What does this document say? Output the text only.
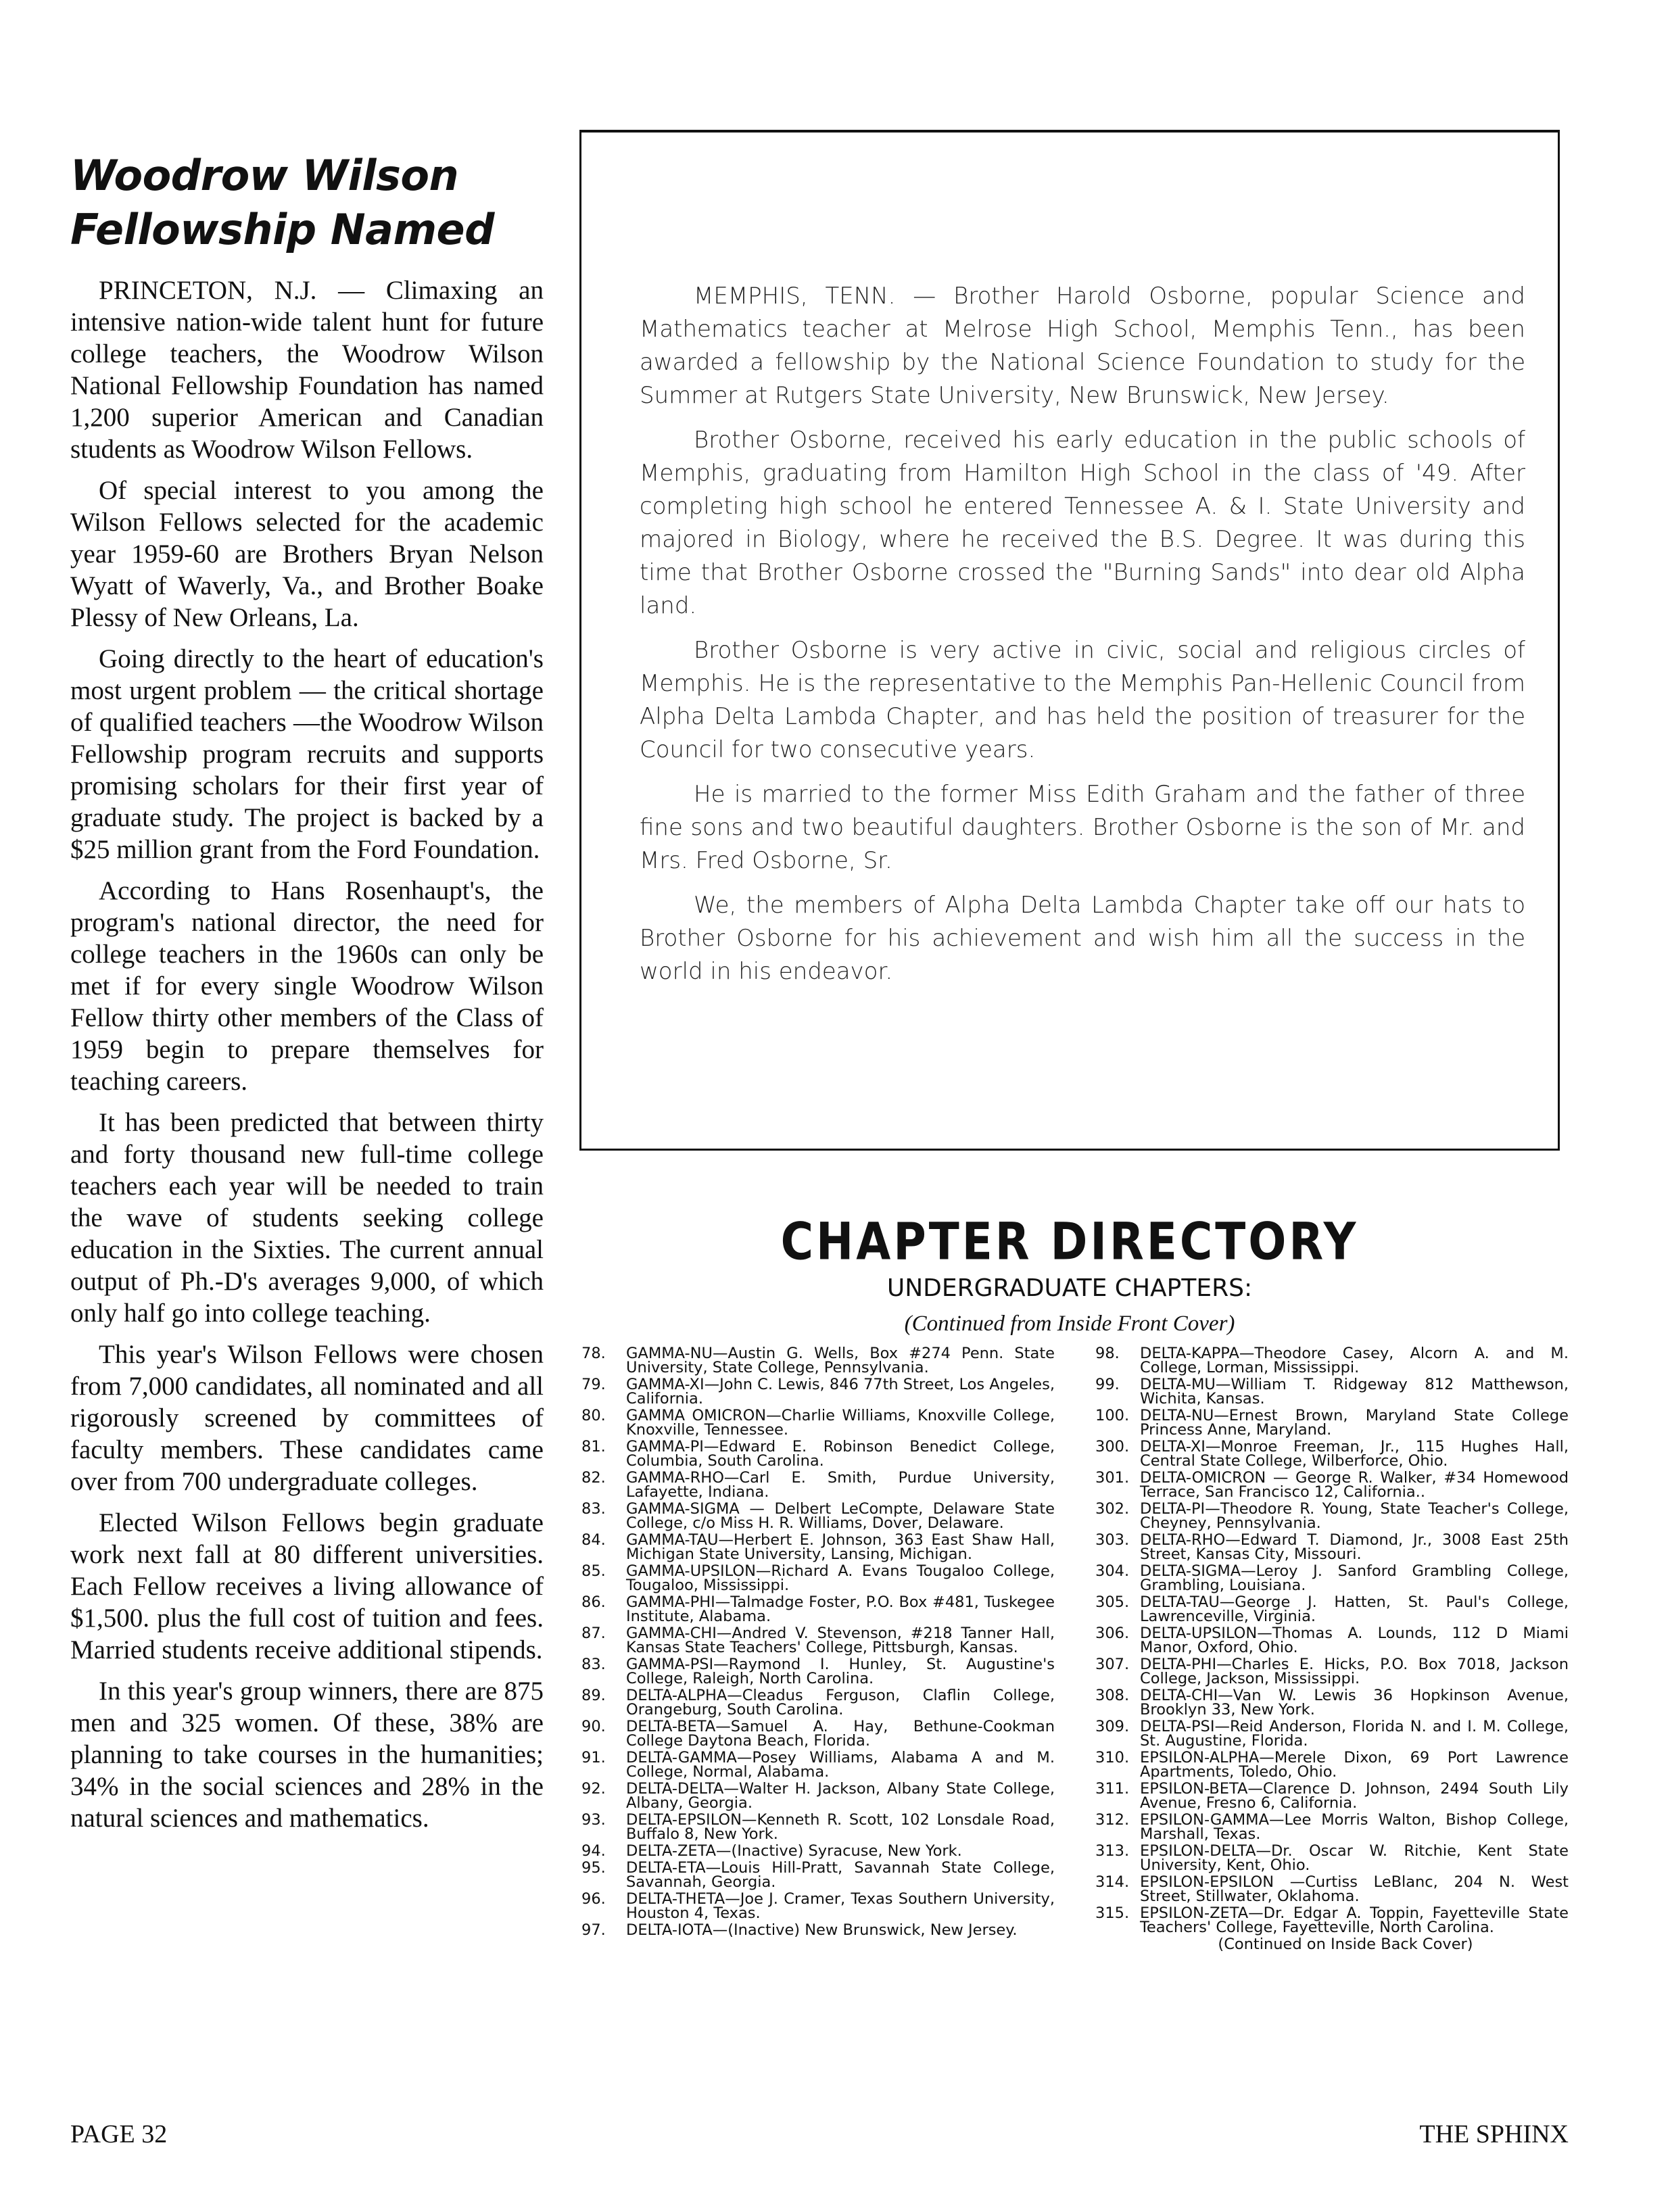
Woodrow Wilson
Fellowship Named

PRINCETON, N.J. — Climaxing an intensive nation-wide talent hunt for future college teachers, the Woodrow Wilson National Fellowship Foundation has named 1,200 superior American and Canadian students as Woodrow Wilson Fellows.

Of special interest to you among the Wilson Fellows selected for the academic year 1959-60 are Brothers Bryan Nelson Wyatt of Waverly, Va., and Brother Boake Plessy of New Orleans, La.

Going directly to the heart of education's most urgent problem — the critical shortage of qualified teachers —the Woodrow Wilson Fellowship program recruits and supports promising scholars for their first year of graduate study. The project is backed by a $25 million grant from the Ford Foundation.

According to Hans Rosenhaupt's, the program's national director, the need for college teachers in the 1960s can only be met if for every single Woodrow Wilson Fellow thirty other members of the Class of 1959 begin to prepare themselves for teaching careers.

It has been predicted that between thirty and forty thousand new full-time college teachers each year will be needed to train the wave of students seeking college education in the Sixties. The current annual output of Ph.-D's averages 9,000, of which only half go into college teaching.

This year's Wilson Fellows were chosen from 7,000 candidates, all nominated and all rigorously screened by committees of faculty members. These candidates came over from 700 undergraduate colleges.

Elected Wilson Fellows begin graduate work next fall at 80 different universities. Each Fellow receives a living allowance of $1,500. plus the full cost of tuition and fees. Married students receive additional stipends.

In this year's group winners, there are 875 men and 325 women. Of these, 38% are planning to take courses in the humanities; 34% in the social sciences and 28% in the natural sciences and mathematics.

MEMPHIS, TENN. — Brother Harold Osborne, popular Science and Mathematics teacher at Melrose High School, Memphis Tenn., has been awarded a fellowship by the National Science Foundation to study for the Summer at Rutgers State University, New Brunswick, New Jersey.

Brother Osborne, received his early education in the public schools of Memphis, graduating from Hamilton High School in the class of '49. After completing high school he entered Tennessee A. & I. State University and majored in Biology, where he received the B.S. Degree. It was during this time that Brother Osborne crossed the "Burning Sands" into dear old Alpha land.

Brother Osborne is very active in civic, social and religious circles of Memphis. He is the representative to the Memphis Pan-Hellenic Council from Alpha Delta Lambda Chapter, and has held the position of treasurer for the Council for two consecutive years.

He is married to the former Miss Edith Graham and the father of three fine sons and two beautiful daughters. Brother Osborne is the son of Mr. and Mrs. Fred Osborne, Sr.

We, the members of Alpha Delta Lambda Chapter take off our hats to Brother Osborne for his achievement and wish him all the success in the world in his endeavor.

CHAPTER DIRECTORY
UNDERGRADUATE CHAPTERS:
(Continued from Inside Front Cover)
78.	GAMMA-NU—Austin G. Wells, Box #274 Penn. State University, State College, Pennsylvania.
79.	GAMMA-XI—John C. Lewis, 846 77th Street, Los Angeles, California.
80.	GAMMA OMICRON—Charlie Williams, Knoxville College, Knoxville, Tennessee.
81.	GAMMA-PI—Edward E. Robinson Benedict College, Columbia, South Carolina.
82.	GAMMA-RHO—Carl E. Smith, Purdue University, Lafayette, Indiana.
83.	GAMMA-SIGMA — Delbert LeCompte, Delaware State College, c/o Miss H. R. Williams, Dover, Delaware.
84.	GAMMA-TAU—Herbert E. Johnson, 363 East Shaw Hall, Michigan State University, Lansing, Michigan.
85.	GAMMA-UPSILON—Richard A. Evans Tougaloo College, Tougaloo, Mississippi.
86.	GAMMA-PHI—Talmadge Foster, P.O. Box #481, Tuskegee Institute, Alabama.
87.	GAMMA-CHI—Andred V. Stevenson, #218 Tanner Hall, Kansas State Teachers' College, Pittsburgh, Kansas.
83.	GAMMA-PSI—Raymond I. Hunley, St. Augustine's College, Raleigh, North Carolina.
89.	DELTA-ALPHA—Cleadus Ferguson, Claflin College, Orangeburg, South Carolina.
90.	DELTA-BETA—Samuel A. Hay, Bethune-Cookman College Daytona Beach, Florida.
91.	DELTA-GAMMA—Posey Williams, Alabama A and M. College, Normal, Alabama.
92.	DELTA-DELTA—Walter H. Jackson, Albany State College, Albany, Georgia.
93.	DELTA-EPSILON—Kenneth R. Scott, 102 Lonsdale Road, Buffalo 8, New York.
94.	DELTA-ZETA—(Inactive) Syracuse, New York.
95.	DELTA-ETA—Louis Hill-Pratt, Savannah State College, Savannah, Georgia.
96.	DELTA-THETA—Joe J. Cramer, Texas Southern University, Houston 4, Texas.
97.	DELTA-IOTA—(Inactive) New Brunswick, New Jersey.
98.	DELTA-KAPPA—Theodore Casey, Alcorn A. and M. College, Lorman, Mississippi.
99.	DELTA-MU—William T. Ridgeway 812 Matthewson, Wichita, Kansas.
100. DELTA-NU—Ernest Brown, Maryland State College Princess Anne, Maryland.
300. DELTA-XI—Monroe Freeman, Jr., 115 Hughes Hall, Central State College, Wilberforce, Ohio.
301. DELTA-OMICRON — George R. Walker, #34 Homewood Terrace, San Francisco 12, California..
302. DELTA-PI—Theodore R. Young, State Teacher's College, Cheyney, Pennsylvania.
303. DELTA-RHO—Edward T. Diamond, Jr., 3008 East 25th Street, Kansas City, Missouri.
304. DELTA-SIGMA—Leroy J. Sanford Grambling College, Grambling, Louisiana.
305. DELTA-TAU—George J. Hatten, St. Paul's College, Lawrenceville, Virginia.
306. DELTA-UPSILON—Thomas A. Lounds, 112 D Miami Manor, Oxford, Ohio.
307. DELTA-PHI—Charles E. Hicks, P.O. Box 7018, Jackson College, Jackson, Mississippi.
308. DELTA-CHI—Van W. Lewis 36 Hopkinson Avenue, Brooklyn 33, New York.
309. DELTA-PSI—Reid Anderson, Florida N. and I. M. College, St. Augustine, Florida.
310. EPSILON-ALPHA—Merele Dixon, 69 Port Lawrence Apartments, Toledo, Ohio.
311. EPSILON-BETA—Clarence D. Johnson, 2494 South Lily Avenue, Fresno 6, California.
312. EPSILON-GAMMA—Lee Morris Walton, Bishop College, Marshall, Texas.
313. EPSILON-DELTA—Dr. Oscar W. Ritchie, Kent State University, Kent, Ohio.
314. EPSILON-EPSILON —Curtiss LeBlanc, 204 N. West Street, Stillwater, Oklahoma.
315. EPSILON-ZETA—Dr. Edgar A. Toppin, Fayetteville State Teachers' College, Fayetteville, North Carolina.
(Continued on Inside Back Cover)
PAGE 32	THE SPHINX
